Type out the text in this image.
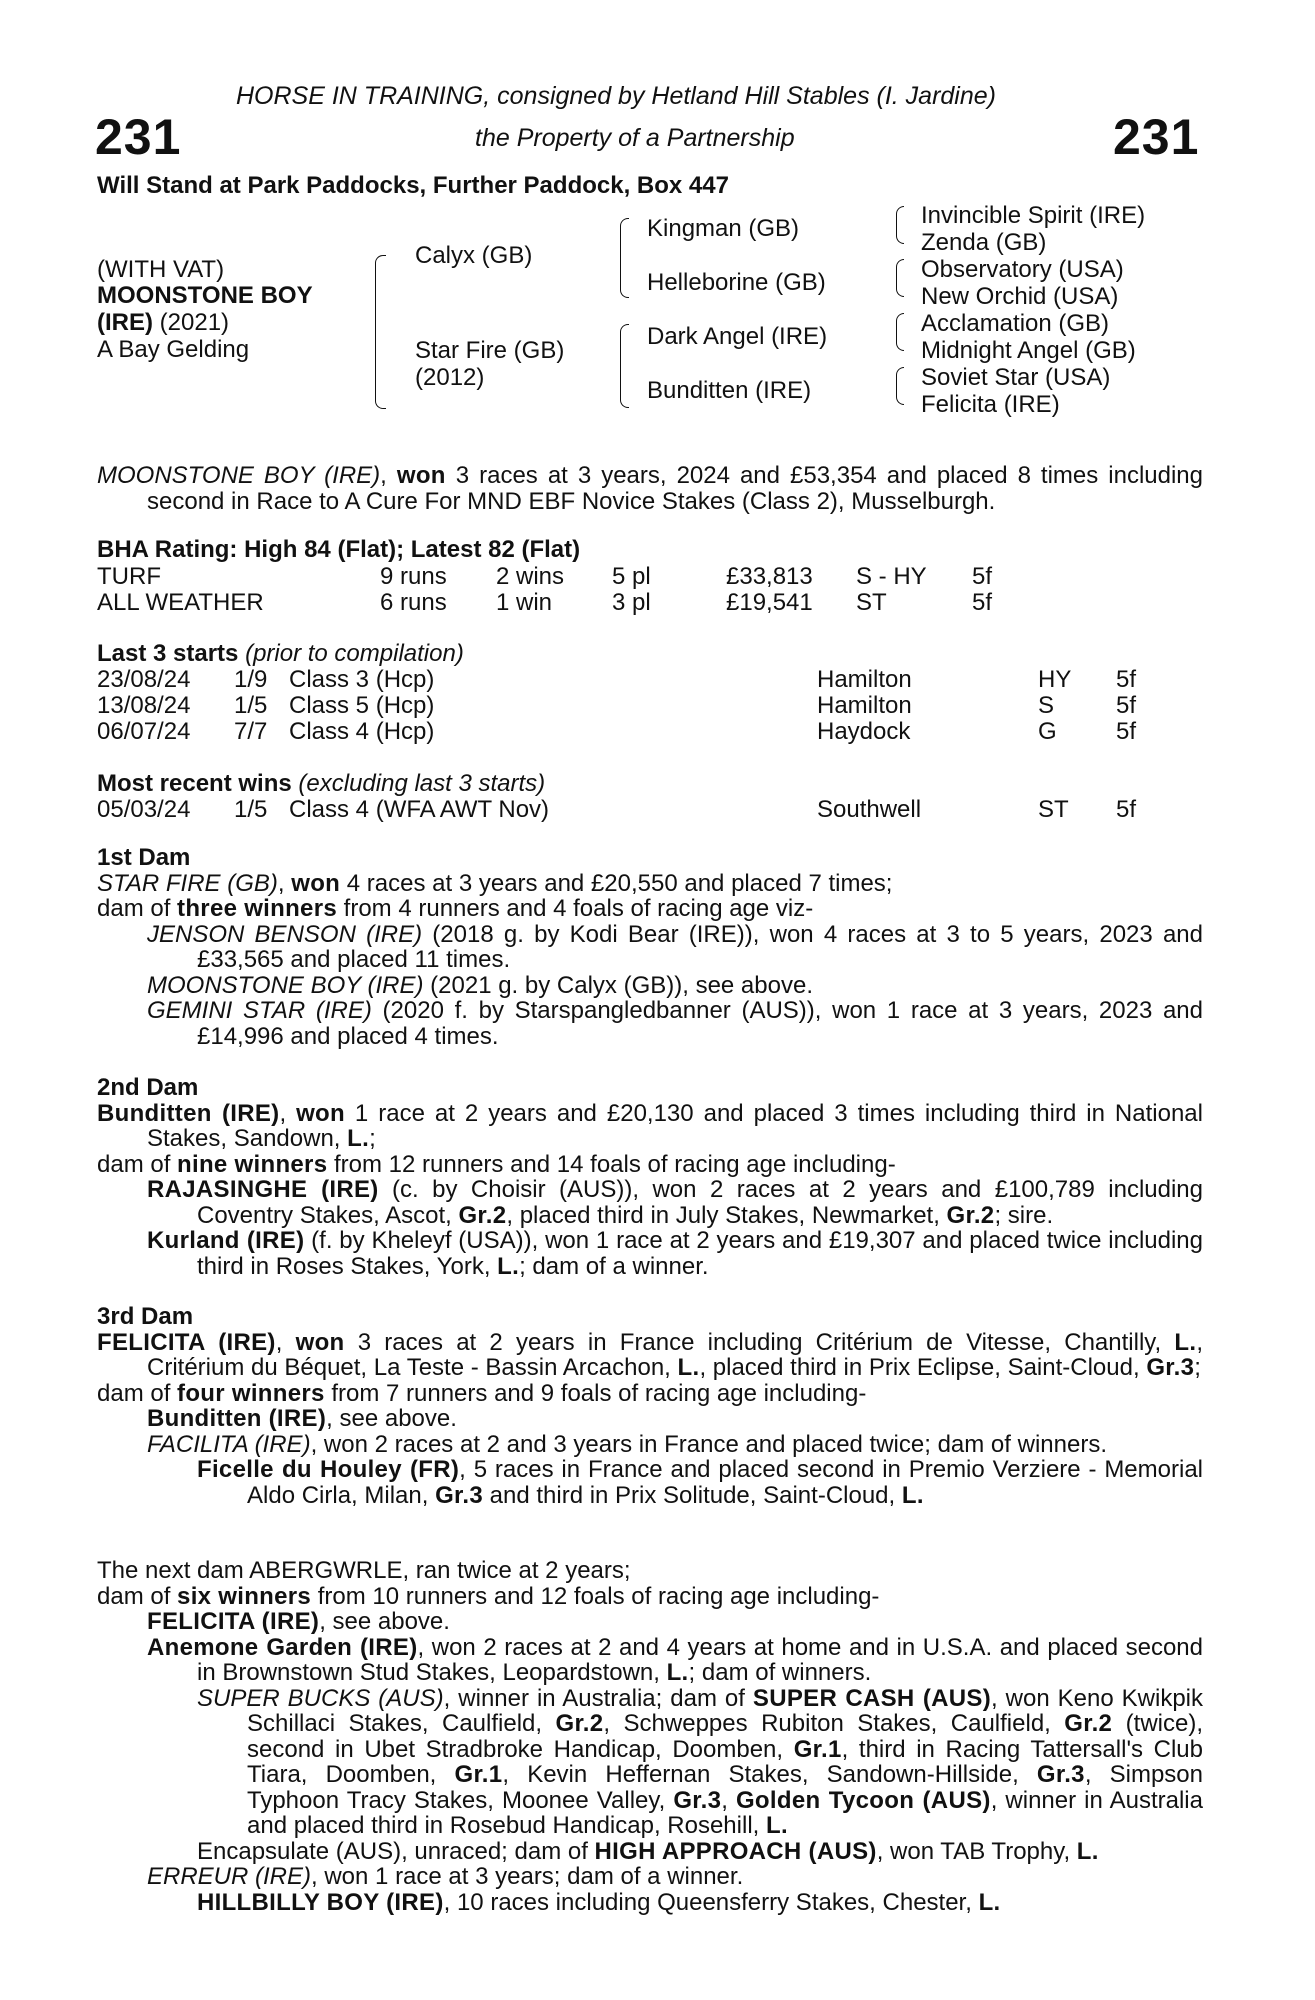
231	231
HORSE IN TRAINING, consigned by Hetland Hill Stables (I. Jardine)
the Property of a Partnership
Will Stand at Park Paddocks, Further Paddock, Box 447
(WITH VAT)
MOONSTONE BOY
(IRE) (2021)
A Bay Gelding
Calyx (GB)
Star Fire (GB)
(2012)
Kingman (GB)
Helleborine (GB)
Dark Angel (IRE)
Bunditten (IRE)
Invincible Spirit (IRE)
Zenda (GB)
Observatory (USA)
New Orchid (USA)
Acclamation (GB)
Midnight Angel (GB)
Soviet Star (USA)
Felicita (IRE)

MOONSTONE BOY (IRE), won 3 races at 3 years, 2024 and £53,354 and placed 8 times including second in Race to A Cure For MND EBF Novice Stakes (Class 2), Musselburgh.

BHA Rating: High 84 (Flat); Latest 82 (Flat)
TURF	9 runs 2 wins 5 pl	£33,813 S - HY 5f
ALL WEATHER	6 runs 1 win 3 pl	£19,541 ST	5f
Last 3 starts (prior to compilation)
23/08/24 1/9 Class 3 (Hcp)	Hamilton	HY 5f
13/08/24 1/5 Class 5 (Hcp)	Hamilton	S	5f
06/07/24 7/7 Class 4 (Hcp)	Haydock	G 5f
Most recent wins (excluding last 3 starts)
05/03/24 1/5 Class 4 (WFA AWT Nov)	Southwell	ST 5f

1st Dam

STAR FIRE (GB), won 4 races at 3 years and £20,550 and placed 7 times;

dam of three winners from 4 runners and 4 foals of racing age viz-

JENSON BENSON (IRE) (2018 g. by Kodi Bear (IRE)), won 4 races at 3 to 5 years, 2023 and £33,565 and placed 11 times.

MOONSTONE BOY (IRE) (2021 g. by Calyx (GB)), see above.

GEMINI STAR (IRE) (2020 f. by Starspangledbanner (AUS)), won 1 race at 3 years, 2023 and £14,996 and placed 4 times.

2nd Dam

Bunditten (IRE), won 1 race at 2 years and £20,130 and placed 3 times including third in National Stakes, Sandown, L.;

dam of nine winners from 12 runners and 14 foals of racing age including-

RAJASINGHE (IRE) (c. by Choisir (AUS)), won 2 races at 2 years and £100,789 including Coventry Stakes, Ascot, Gr.2, placed third in July Stakes, Newmarket, Gr.2; sire.

Kurland (IRE) (f. by Kheleyf (USA)), won 1 race at 2 years and £19,307 and placed twice including third in Roses Stakes, York, L.; dam of a winner.

3rd Dam

FELICITA (IRE), won 3 races at 2 years in France including Critérium de Vitesse, Chantilly, L., Critérium du Béquet, La Teste - Bassin Arcachon, L., placed third in Prix Eclipse, Saint-Cloud, Gr.3;

dam of four winners from 7 runners and 9 foals of racing age including-

Bunditten (IRE), see above.

FACILITA (IRE), won 2 races at 2 and 3 years in France and placed twice; dam of winners.

Ficelle du Houley (FR), 5 races in France and placed second in Premio Verziere - Memorial Aldo Cirla, Milan, Gr.3 and third in Prix Solitude, Saint-Cloud, L.

The next dam ABERGWRLE, ran twice at 2 years;

dam of six winners from 10 runners and 12 foals of racing age including-

FELICITA (IRE), see above.

Anemone Garden (IRE), won 2 races at 2 and 4 years at home and in U.S.A. and placed second in Brownstown Stud Stakes, Leopardstown, L.; dam of winners.

SUPER BUCKS (AUS), winner in Australia; dam of SUPER CASH (AUS), won Keno Kwikpik Schillaci Stakes, Caulfield, Gr.2, Schweppes Rubiton Stakes, Caulfield, Gr.2 (twice), second in Ubet Stradbroke Handicap, Doomben, Gr.1, third in Racing Tattersall's Club Tiara, Doomben, Gr.1, Kevin Heffernan Stakes, Sandown-Hillside, Gr.3, Simpson Typhoon Tracy Stakes, Moonee Valley, Gr.3, Golden Tycoon (AUS), winner in Australia and placed third in Rosebud Handicap, Rosehill, L.

Encapsulate (AUS), unraced; dam of HIGH APPROACH (AUS), won TAB Trophy, L.

ERREUR (IRE), won 1 race at 3 years; dam of a winner.

HILLBILLY BOY (IRE), 10 races including Queensferry Stakes, Chester, L.
